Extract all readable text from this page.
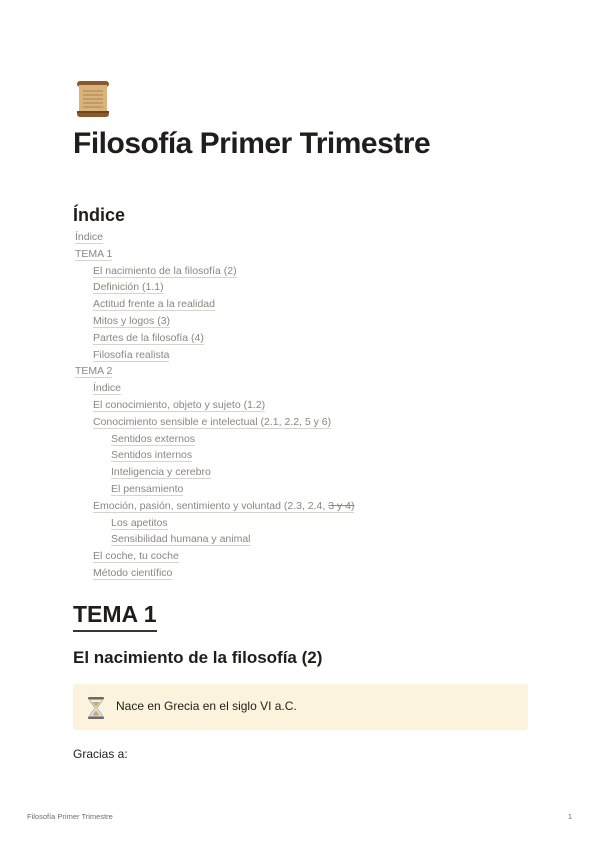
Filosofía Primer Trimestre
Índice
Índice
TEMA 1
El nacimiento de la filosofía (2)
Definición (1.1)
Actitud frente a la realidad
Mitos y logos (3)
Partes de la filosofía (4)
Filosofía realista
TEMA 2
Índice
El conocimiento, objeto y sujeto (1.2)
Conocimiento sensible e intelectual (2.1, 2.2, 5 y 6)
Sentidos externos
Sentidos internos
Inteligencia y cerebro
El pensamiento
Emoción, pasión, sentimiento y voluntad (2.3, 2.4, 3 y 4)
Los apetitos
Sensibilidad humana y animal
El coche, tu coche
Método científico
TEMA 1
El nacimiento de la filosofía (2)
Nace en Grecia en el siglo VI a.C.
Gracias a:
Filosofía Primer Trimestre	1
